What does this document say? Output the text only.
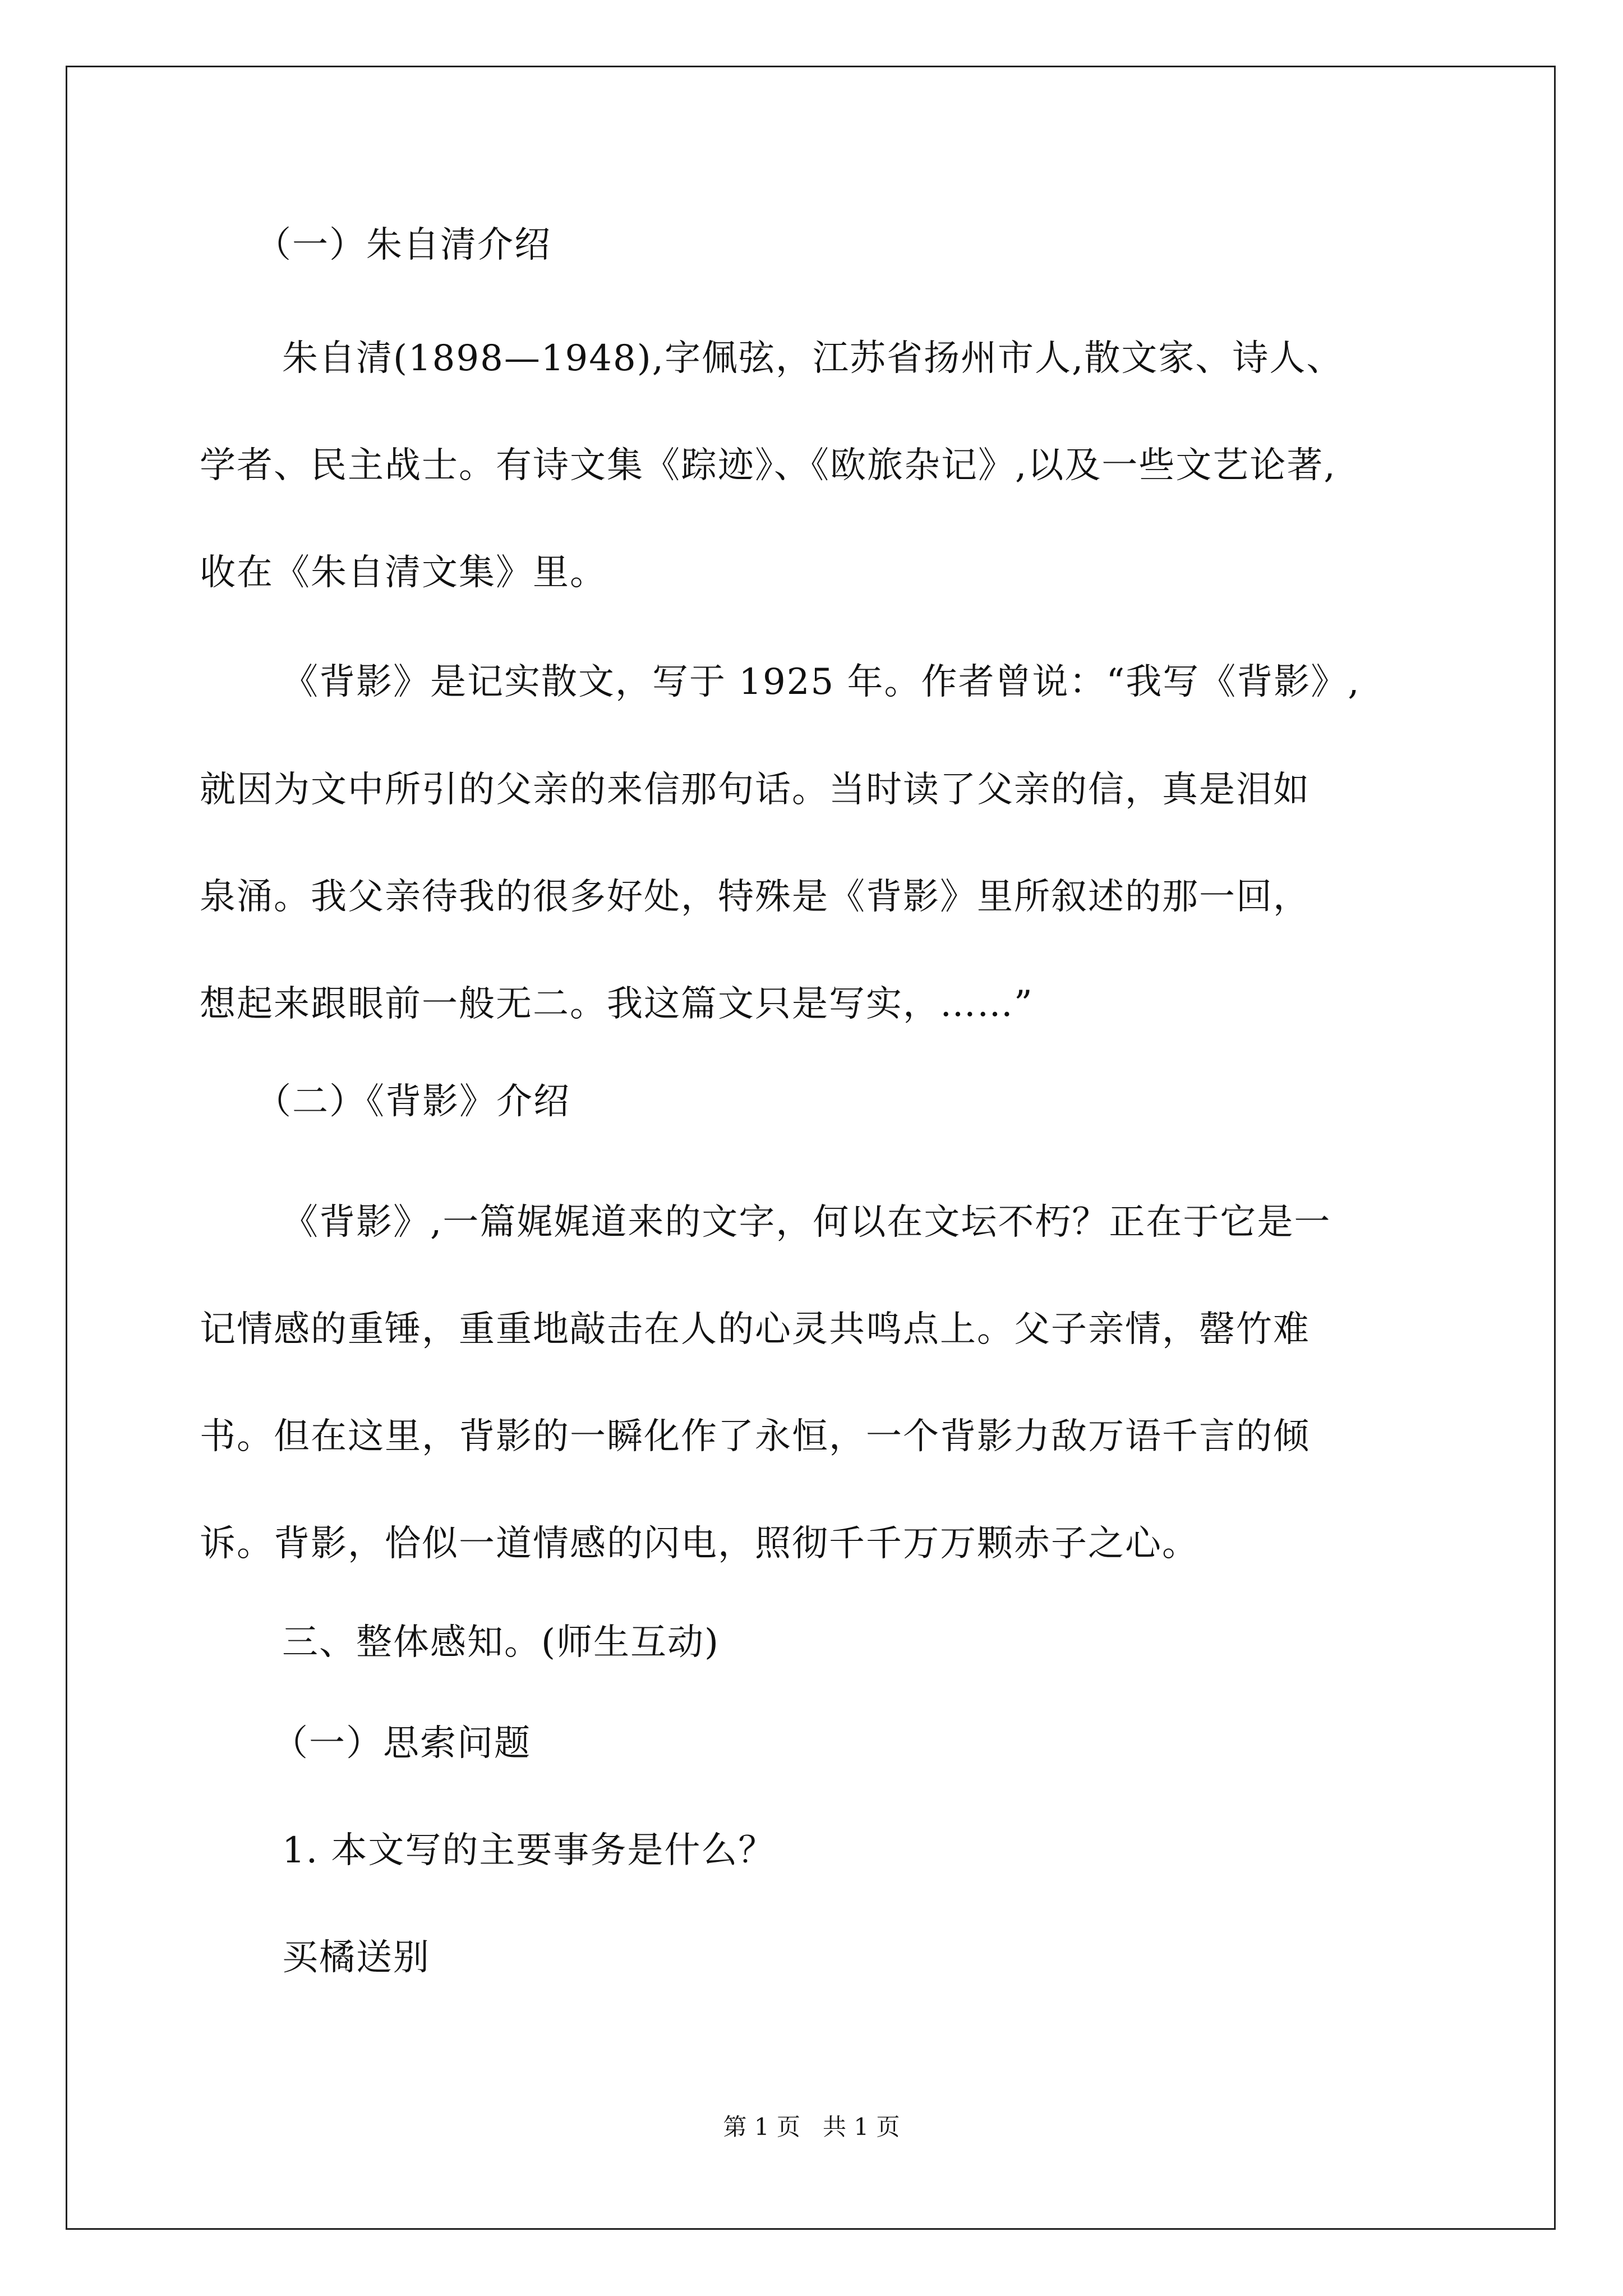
（一）朱自清介绍
朱自清(1898—1948),字佩弦，江苏省扬州市人,散文家、诗人、
学者、民主战士。有诗文集《踪迹》、《欧旅杂记》,以及一些文艺论著,
收在《朱自清文集》里。
《背影》是记实散文，写于 1925 年。作者曾说：“我写《背影》,
就因为文中所引的父亲的来信那句话。当时读了父亲的信，真是泪如
泉涌。我父亲待我的很多好处，特殊是《背影》里所叙述的那一回，
想起来跟眼前一般无二。我这篇文只是写实，……”
（二）《背影》介绍
《背影》,一篇娓娓道来的文字，何以在文坛不朽？正在于它是一
记情感的重锤，重重地敲击在人的心灵共鸣点上。父子亲情，罄竹难
书。但在这里，背影的一瞬化作了永恒，一个背影力敌万语千言的倾
诉。背影，恰似一道情感的闪电，照彻千千万万颗赤子之心。
三、整体感知。(师生互动)
（一）思索问题
1. 本文写的主要事务是什么？
买橘送别
第 1 页   共 1 页
